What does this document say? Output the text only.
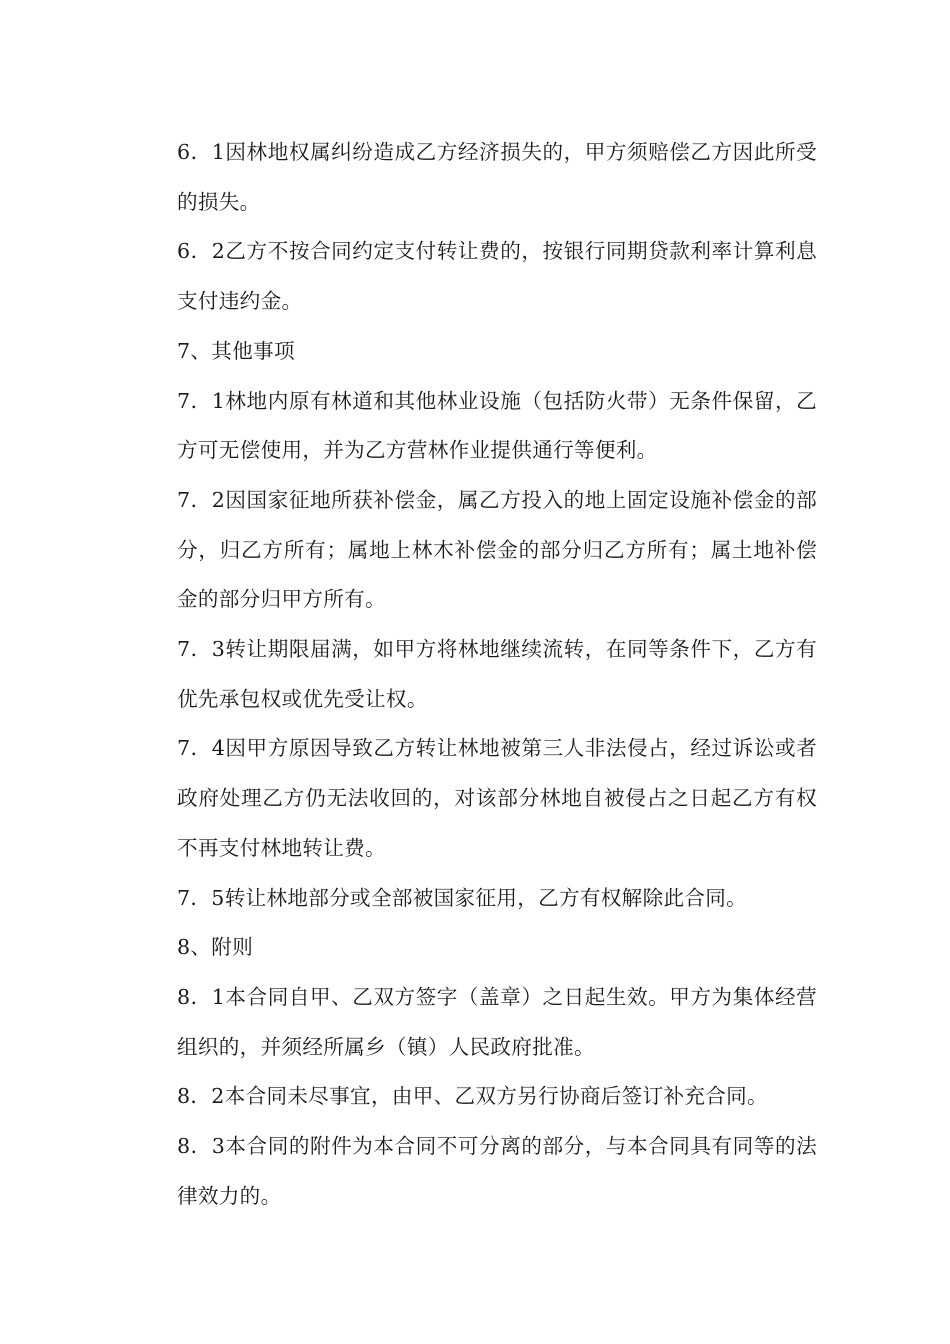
6．1因林地权属纠纷造成乙方经济损失的，甲方须赔偿乙方因此所受的损失。

6．2乙方不按合同约定支付转让费的，按银行同期贷款利率计算利息支付违约金。

7、其他事项

7．1林地内原有林道和其他林业设施（包括防火带）无条件保留，乙方可无偿使用，并为乙方营林作业提供通行等便利。

7．2因国家征地所获补偿金，属乙方投入的地上固定设施补偿金的部分，归乙方所有；属地上林木补偿金的部分归乙方所有；属土地补偿金的部分归甲方所有。

7．3转让期限届满，如甲方将林地继续流转，在同等条件下，乙方有优先承包权或优先受让权。

7．4因甲方原因导致乙方转让林地被第三人非法侵占，经过诉讼或者政府处理乙方仍无法收回的，对该部分林地自被侵占之日起乙方有权不再支付林地转让费。

7．5转让林地部分或全部被国家征用，乙方有权解除此合同。

8、附则

8．1本合同自甲、乙双方签字（盖章）之日起生效。甲方为集体经营组织的，并须经所属乡（镇）人民政府批准。

8．2本合同未尽事宜，由甲、乙双方另行协商后签订补充合同。

8．3本合同的附件为本合同不可分离的部分，与本合同具有同等的法律效力的。
